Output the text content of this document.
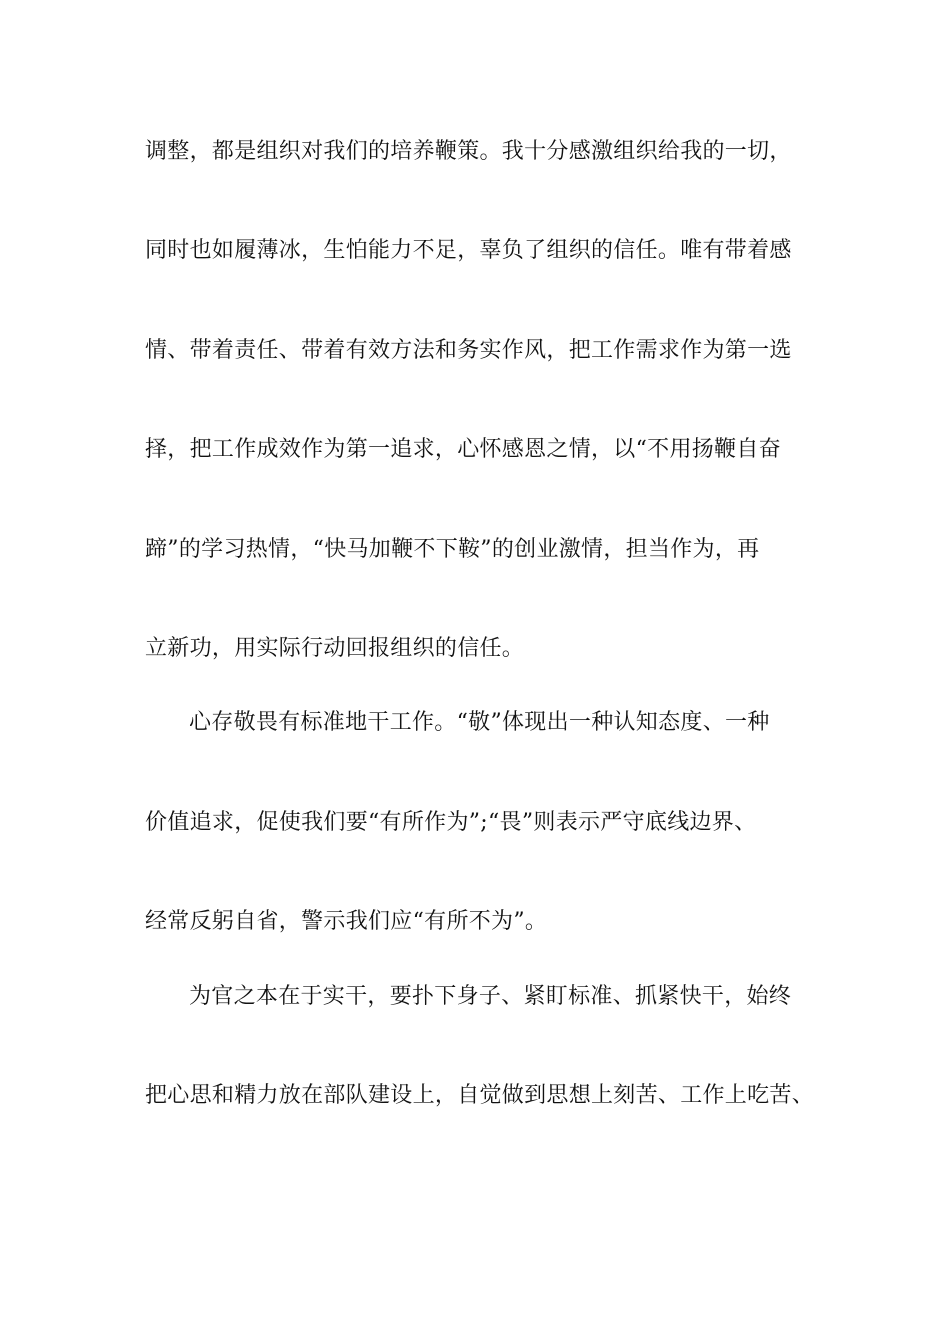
调整，都是组织对我们的培养鞭策。我十分感激组织给我的一切，
同时也如履薄冰，生怕能力不足，辜负了组织的信任。唯有带着感
情、带着责任、带着有效方法和务实作风，把工作需求作为第一选
择，把工作成效作为第一追求，心怀感恩之情，以“不用扬鞭自奋
蹄”的学习热情，“快马加鞭不下鞍”的创业激情，担当作为，再
立新功，用实际行动回报组织的信任。
心存敬畏有标准地干工作。“敬”体现出一种认知态度、一种
价值追求，促使我们要“有所作为”;“畏”则表示严守底线边界、
经常反躬自省，警示我们应“有所不为”。
为官之本在于实干，要扑下身子、紧盯标准、抓紧快干，始终
把心思和精力放在部队建设上，自觉做到思想上刻苦、工作上吃苦、
